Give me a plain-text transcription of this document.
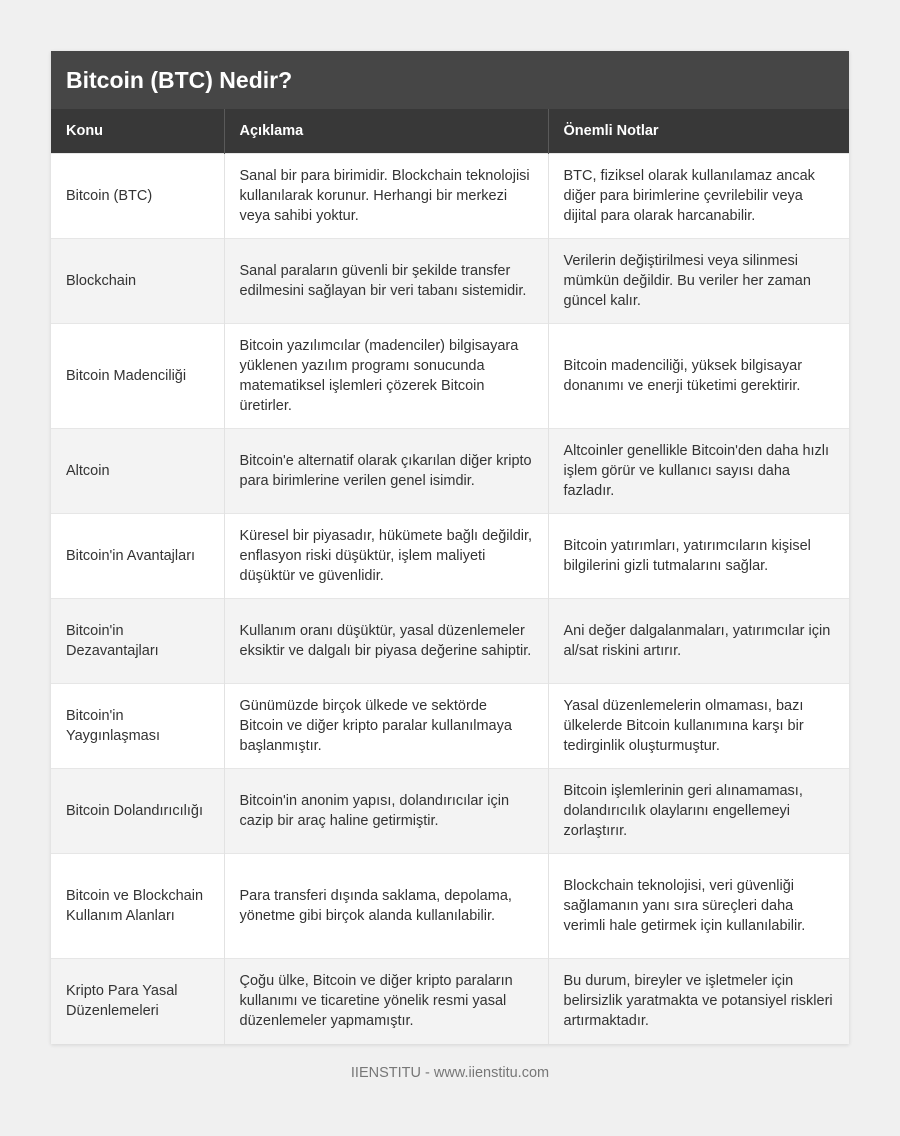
Bitcoin (BTC) Nedir?
Konu	Açıklama	Önemli Notlar
Bitcoin (BTC)	Sanal bir para birimidir. Blockchain teknolojisi kullanılarak korunur. Herhangi bir merkezi veya sahibi yoktur.	BTC, fiziksel olarak kullanılamaz ancak diğer para birimlerine çevrilebilir veya dijital para olarak harcanabilir.
Blockchain	Sanal paraların güvenli bir şekilde transfer edilmesini sağlayan bir veri tabanı sistemidir.	Verilerin değiştirilmesi veya silinmesi mümkün değildir. Bu veriler her zaman güncel kalır.
Bitcoin Madenciliği	Bitcoin yazılımcılar (madenciler) bilgisayara yüklenen yazılım programı sonucunda matematiksel işlemleri çözerek Bitcoin üretirler.	Bitcoin madenciliği, yüksek bilgisayar donanımı ve enerji tüketimi gerektirir.
Altcoin	Bitcoin'e alternatif olarak çıkarılan diğer kripto para birimlerine verilen genel isimdir.	Altcoinler genellikle Bitcoin'den daha hızlı işlem görür ve kullanıcı sayısı daha fazladır.
Bitcoin'in Avantajları	Küresel bir piyasadır, hükümete bağlı değildir, enflasyon riski düşüktür, işlem maliyeti düşüktür ve güvenlidir.	Bitcoin yatırımları, yatırımcıların kişisel bilgilerini gizli tutmalarını sağlar.
Bitcoin'in Dezavantajları	Kullanım oranı düşüktür, yasal düzenlemeler eksiktir ve dalgalı bir piyasa değerine sahiptir.	Ani değer dalgalanmaları, yatırımcılar için al/sat riskini artırır.
Bitcoin'in Yaygınlaşması	Günümüzde birçok ülkede ve sektörde Bitcoin ve diğer kripto paralar kullanılmaya başlanmıştır.	Yasal düzenlemelerin olmaması, bazı ülkelerde Bitcoin kullanımına karşı bir tedirginlik oluşturmuştur.
Bitcoin Dolandırıcılığı	Bitcoin'in anonim yapısı, dolandırıcılar için cazip bir araç haline getirmiştir.	Bitcoin işlemlerinin geri alınamaması, dolandırıcılık olaylarını engellemeyi zorlaştırır.
Bitcoin ve Blockchain Kullanım Alanları	Para transferi dışında saklama, depolama, yönetme gibi birçok alanda kullanılabilir.	Blockchain teknolojisi, veri güvenliği sağlamanın yanı sıra süreçleri daha verimli hale getirmek için kullanılabilir.
Kripto Para Yasal Düzenlemeleri	Çoğu ülke, Bitcoin ve diğer kripto paraların kullanımı ve ticaretine yönelik resmi yasal düzenlemeler yapmamıştır.	Bu durum, bireyler ve işletmeler için belirsizlik yaratmakta ve potansiyel riskleri artırmaktadır.
IIENSTITU - www.iienstitu.com
